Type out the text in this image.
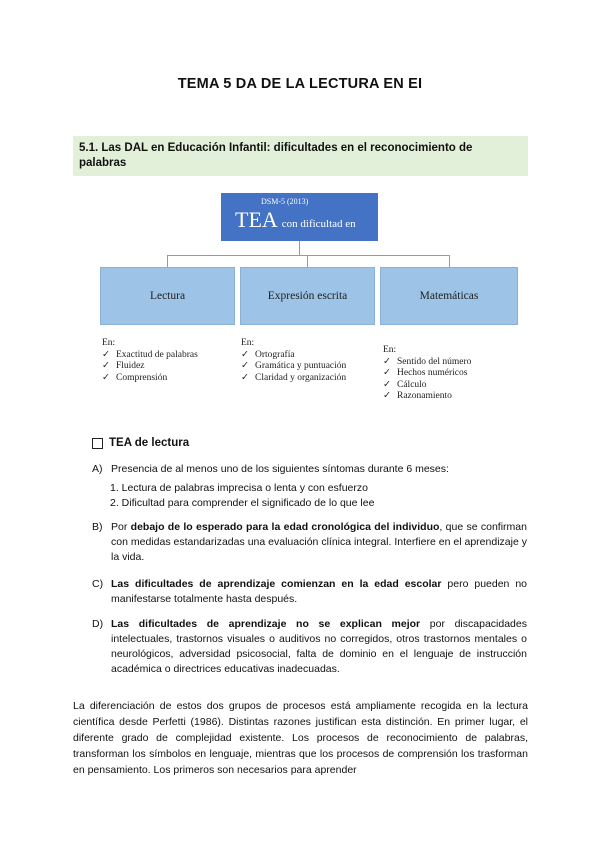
TEMA 5 DA DE LA LECTURA EN EI
5.1. Las DAL en Educación Infantil: dificultades en el reconocimiento de palabras
DSM-5 (2013)
TEA con dificultad en
Lectura	Expresión escrita	Matemáticas
En:
✓ Exactitud de palabras
✓ Fluidez
✓ Comprensión
En:
✓ Ortografía
✓ Gramática y puntuación
✓ Claridad y organización
En:
✓ Sentido del número
✓ Hechos numéricos
✓ Cálculo
✓ Razonamiento
TEA de lectura
A) Presencia de al menos uno de los siguientes síntomas durante 6 meses:
1. Lectura de palabras imprecisa o lenta y con esfuerzo
2. Dificultad para comprender el significado de lo que lee
B) Por debajo de lo esperado para la edad cronológica del individuo, que se confirman con medidas estandarizadas una evaluación clínica integral. Interfiere en el aprendizaje y la vida.
C) Las dificultades de aprendizaje comienzan en la edad escolar pero pueden no manifestarse totalmente hasta después.
D) Las dificultades de aprendizaje no se explican mejor por discapacidades intelectuales, trastornos visuales o auditivos no corregidos, otros trastornos mentales o neurológicos, adversidad psicosocial, falta de dominio en el lenguaje de instrucción académica o directrices educativas inadecuadas.
La diferenciación de estos dos grupos de procesos está ampliamente recogida en la lectura científica desde Perfetti (1986). Distintas razones justifican esta distinción. En primer lugar, el diferente grado de complejidad existente. Los procesos de reconocimiento de palabras, transforman los símbolos en lenguaje, mientras que los procesos de comprensión los trasforman en pensamiento. Los primeros son necesarios para aprender
